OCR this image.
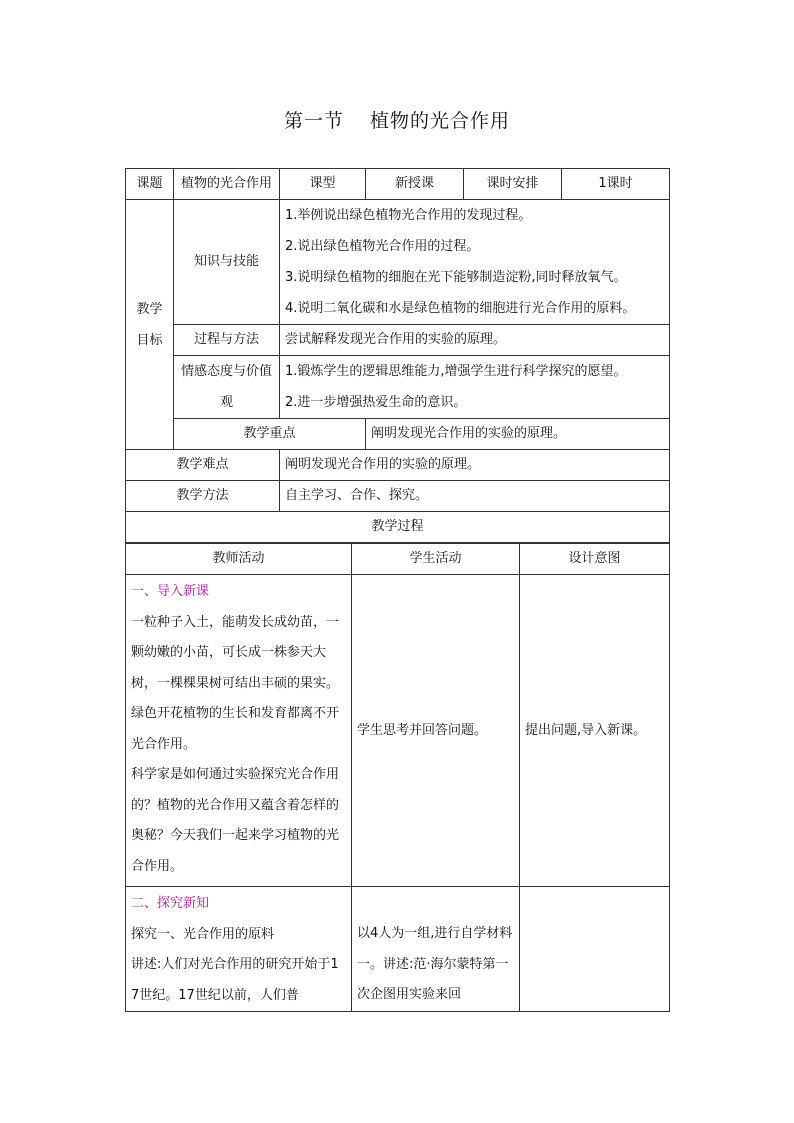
第一节 植物的光合作用
课题	植物的光合作用	课型	新授课	课时安排	1课时
教学目标	知识与技能	1.举例说出绿色植物光合作用的发现过程。
2.说出绿色植物光合作用的过程。
3.说明绿色植物的细胞在光下能够制造淀粉,同时释放氧气。
4.说明二氧化碳和水是绿色植物的细胞进行光合作用的原料。			

	过程与方法	尝试解释发现光合作用的实验的原理。			
	情感态度与价值观	1.锻炼学生的逻辑思维能力,增强学生进行科学探究的愿望。
2.进一步增强热爱生命的意识。			

	教学重点		阐明发现光合作用的实验的原理。		
教学难点		阐明发现光合作用的实验的原理。			
教学方法		自主学习、合作、探究。			
教学过程					
教师活动	学生活动	设计意图

一、导入新课
一粒种子入土，能萌发长成幼苗，一颗幼嫩的小苗，可长成一株参天大树，一棵棵果树可结出丰硕的果实。绿色开花植物的生长和发育都离不开光合作用。
科学家是如何通过实验探究光合作用的？植物的光合作用又蕴含着怎样的奥秘？今天我们一起来学习植物的光合作用。	学生思考并回答问题。	提出问题,导入新课。

二、探究新知
探究一、光合作用的原料
讲述:人们对光合作用的研究开始于17世纪。17世纪以前，人们普	以4人为一组,进行自学材料一。讲述:范·海尔蒙特第一次企图用实验来回	
